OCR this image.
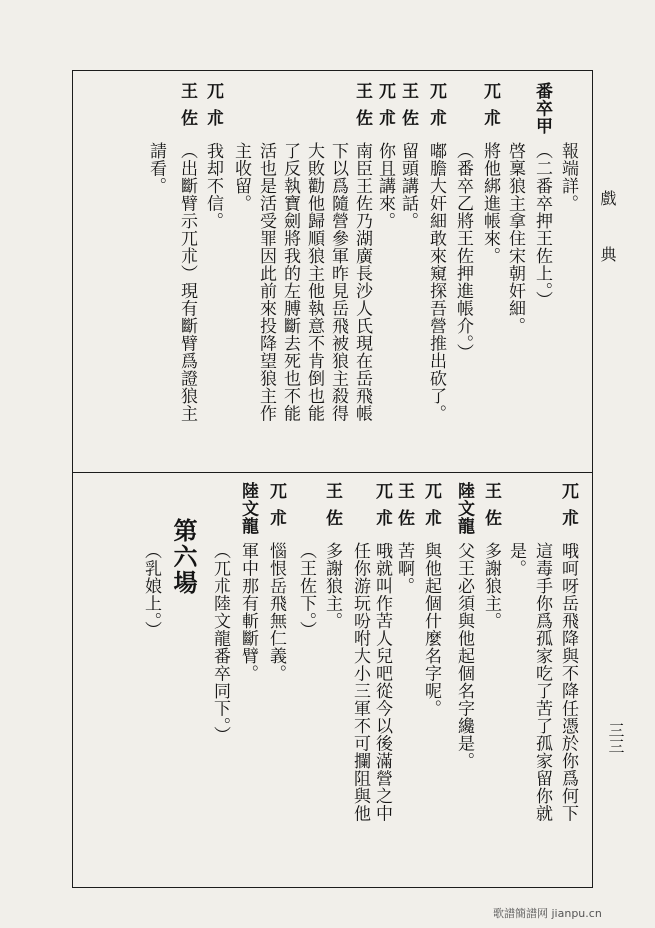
戲典
三三
歌譜簡譜网 jianpu.cn
報端詳。
番卒甲
（二番卒押王佐上。）
啓稟狼主拿住宋朝奸細。
兀朮
將他綁進帳來。
（番卒乙將王佐押進帳介。）
兀朮
嘟膽大奸細敢來窺探吾營推出砍了。
王佐
留頭講話。
兀朮
你且講來。
王佐
南臣王佐乃湖廣長沙人氏現在岳飛帳
下以爲隨營參軍昨見岳飛被狼主殺得
大敗勸他歸順狼主他執意不肯倒也能
了反執寶劍將我的左膊斷去死也不能
活也是活受罪因此前來投降望狼主作
主收留。
兀朮
我却不信。
王佐
（出斷臂示兀朮）現有斷臂爲證狼主
請看。
兀朮
哦呵呀岳飛降與不降任憑於你爲何下
這毒手你爲孤家吃了苦了孤家留你就
是。
王佐
多謝狼主。
陸文龍
父王必須與他起個名字纔是。
兀朮
與他起個什麼名字呢。
王佐
苦啊。
兀朮
哦就叫作苦人兒吧從今以後滿營之中
任你游玩吩咐大小三軍不可攔阻與他
王佐
多謝狼主。
（王佐下。）
兀朮
惱恨岳飛無仁義。
陸文龍
軍中那有斬斷臂。
（兀朮陸文龍番卒同下。）
第六場
（乳娘上。）
